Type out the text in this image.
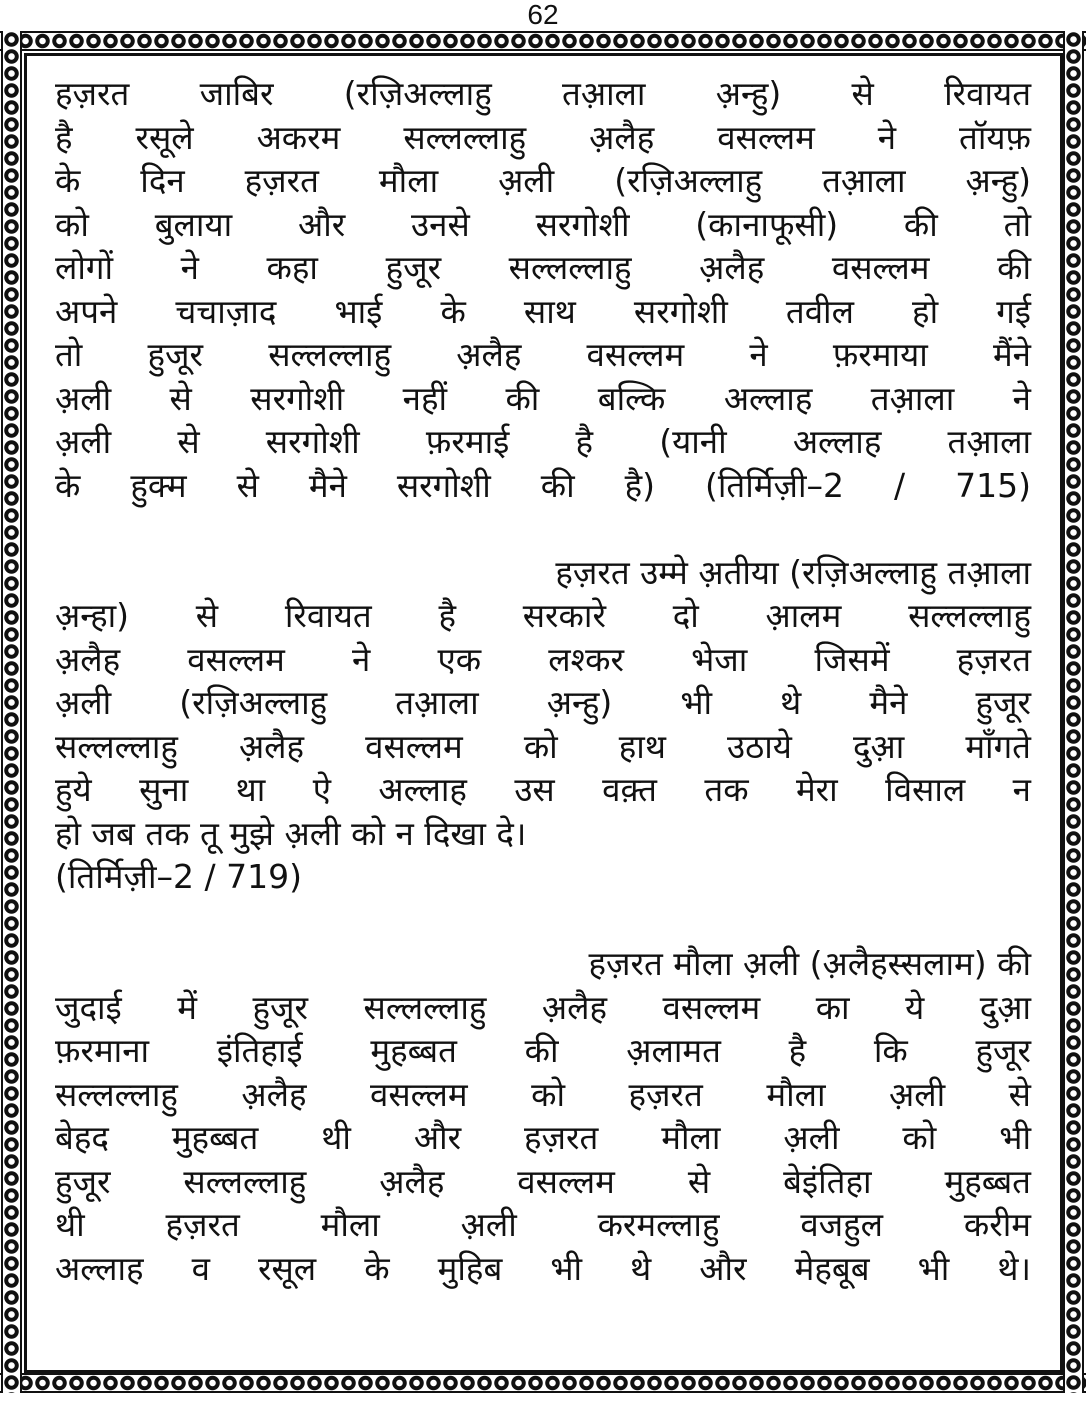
62
हज़रत जाबिर (रज़िअल्लाहु तआ़ला अ़न्हु) से रिवायत
है रसूले अकरम सल्लल्लाहु अ़लैह वसल्लम ने तॉयफ़
के दिन हज़रत मौला अ़ली (रज़िअल्लाहु तआ़ला अ़न्हु)
को बुलाया और उनसे सरगोशी (कानाफूसी) की तो
लोगों ने कहा हुजूर सल्लल्लाहु अ़लैह वसल्लम की
अपने चचाज़ाद भाई के साथ सरगोशी तवील हो गई
तो हुजूर सल्लल्लाहु अ़लैह वसल्लम ने फ़रमाया मैंने
अ़ली से सरगोशी नहीं की बल्कि अल्लाह तआ़ला ने
अ़ली से सरगोशी फ़रमाई है (यानी अल्लाह तआ़ला
के हुक्म से मैने सरगोशी की है) (तिर्मिज़ी–2 / 715)
हज़रत उम्मे अ़तीया (रज़िअल्लाहु तआ़ला
अ़न्हा) से रिवायत है सरकारे दो आ़लम सल्लल्लाहु
अ़लैह वसल्लम ने एक लश्कर भेजा जिसमें हज़रत
अ़ली (रज़िअल्लाहु तआ़ला अ़न्हु) भी थे मैने हुजूर
सल्लल्लाहु अ़लैह वसल्लम को हाथ उठाये दुआ़ माँगते
हुये सुना था ऐ अल्लाह उस वक़्त तक मेरा विसाल न
हो जब तक तू मुझे अ़ली को न दिखा दे।
(तिर्मिज़ी–2 / 719)
हज़रत मौला अ़ली (अ़लैहस्सलाम) की
जुदाई में हुजूर सल्लल्लाहु अ़लैह वसल्लम का ये दुआ़
फ़रमाना इंतिहाई मुहब्बत की अ़लामत है कि हुजूर
सल्लल्लाहु अ़लैह वसल्लम को हज़रत मौला अ़ली से
बेहद मुहब्बत थी और हज़रत मौला अ़ली को भी
हुजूर सल्लल्लाहु अ़लैह वसल्लम से बेइंतिहा मुहब्बत
थी हज़रत मौला अ़ली करमल्लाहु वजहुल करीम
अल्लाह व रसूल के मुहिब भी थे और मेहबूब भी थे।
